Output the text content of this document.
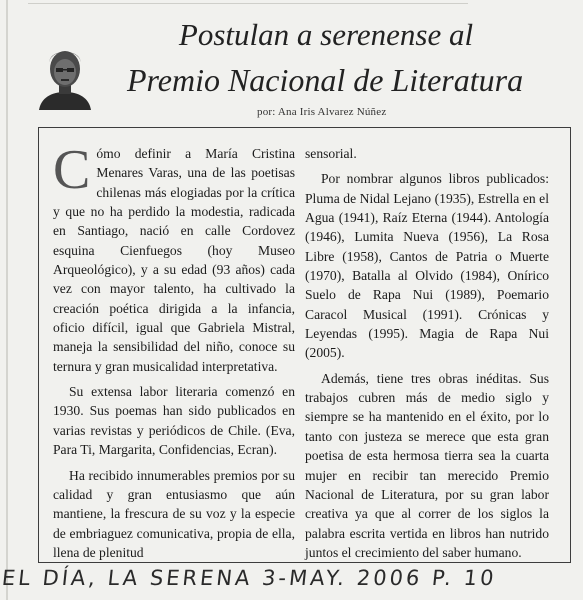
Postulan a serenense al
Premio Nacional de Literatura
por: Ana Iris Alvarez Núñez

Cómo definir a María Cristina Menares Varas, una de las poetisas chilenas más elogiadas por la crítica y que no ha perdido la modestia, radicada en Santiago, nació en calle Cordovez esquina Cienfuegos (hoy Museo Arqueológico), y a su edad (93 años) cada vez con mayor talento, ha cultivado la creación poética dirigida a la infancia, oficio difícil, igual que Gabriela Mistral, maneja la sensibilidad del niño, conoce su ternura y gran musicalidad interpretativa.

Su extensa labor literaria comenzó en 1930. Sus poemas han sido publicados en varias revistas y periódicos de Chile. (Eva, Para Ti, Margarita, Confidencias, Ecran).

Ha recibido innumerables premios por su calidad y gran entusiasmo que aún mantiene, la frescura de su voz y la especie de embriaguez comunicativa, propia de ella, llena de plenitud

sensorial.

Por nombrar algunos libros publicados: Pluma de Nidal Lejano (1935), Estrella en el Agua (1941), Raíz Eterna (1944). Antología (1946), Lumita Nueva (1956), La Rosa Libre (1958), Cantos de Patria o Muerte (1970), Batalla al Olvido (1984), Onírico Suelo de Rapa Nui (1989), Poemario Caracol Musical (1991). Crónicas y Leyendas (1995). Magia de Rapa Nui (2005).

Además, tiene tres obras inéditas. Sus trabajos cubren más de medio siglo y siempre se ha mantenido en el éxito, por lo tanto con justeza se merece que esta gran poetisa de esta hermosa tierra sea la cuarta mujer en recibir tan merecido Premio Nacional de Literatura, por su gran labor creativa ya que al correr de los siglos la palabra escrita vertida en libros han nutrido juntos el crecimiento del saber humano.

EL DÍA, LA SERENA 3-MAY. 2006 P. 10
